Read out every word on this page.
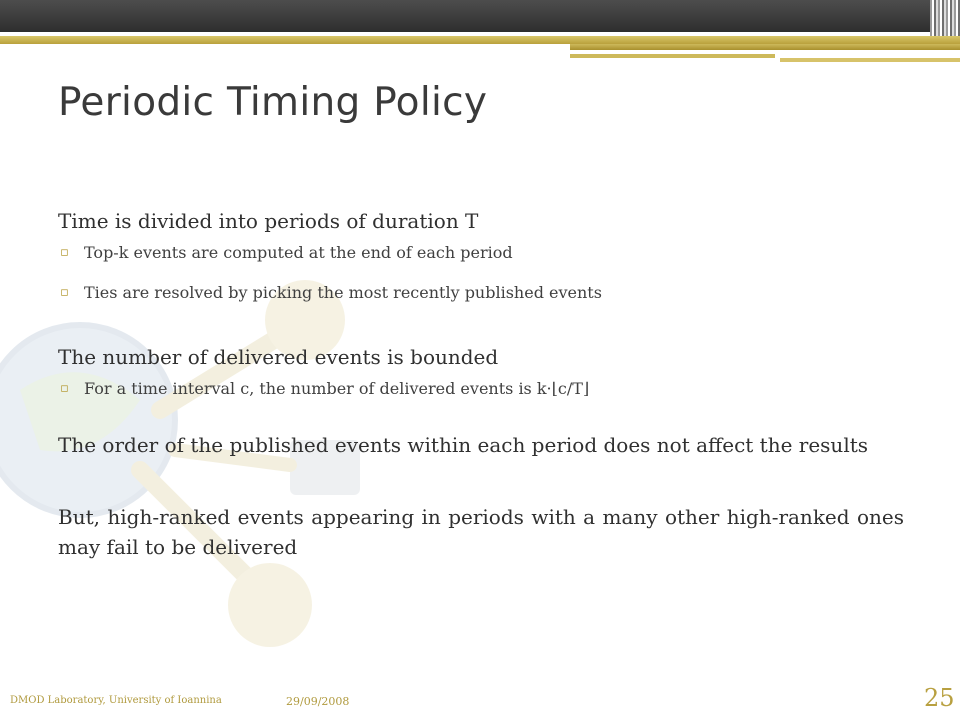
Periodic Timing Policy

Time is divided into periods of duration T

▫ Top-k events are computed at the end of each period

▫ Ties are resolved by picking the most recently published events

The number of delivered events is bounded

▫ For a time interval c, the number of delivered events is k·⌊c/T⌋

The order of the published events within each period does not affect the results

But, high-ranked events appearing in periods with a many other high-ranked ones may fail to be delivered

DMOD Laboratory, University of Ioannina	29/09/2008	25
